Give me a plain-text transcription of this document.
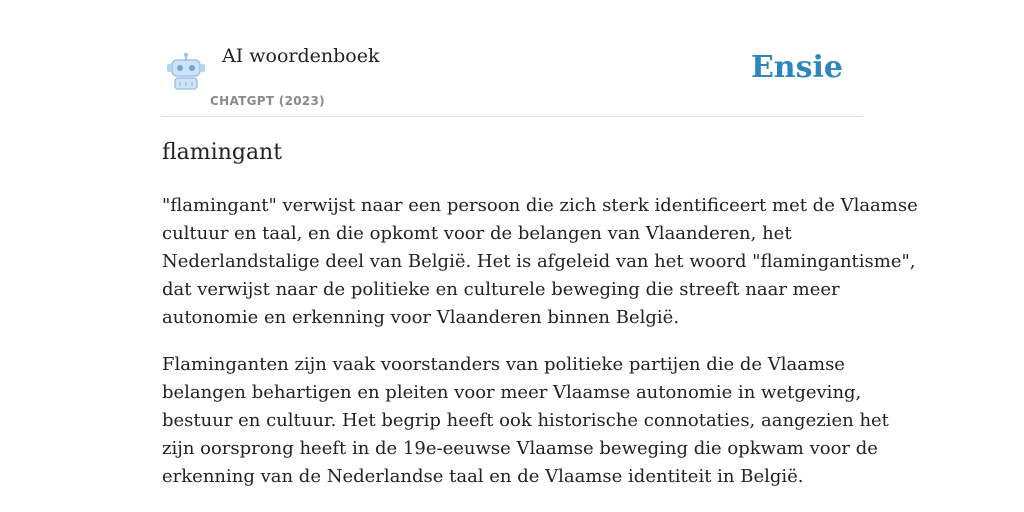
AI woordenboek
CHATGPT (2023)
Ensie
flamingant

"flamingant" verwijst naar een persoon die zich sterk identificeert met de Vlaamse
cultuur en taal, en die opkomt voor de belangen van Vlaanderen, het
Nederlandstalige deel van België. Het is afgeleid van het woord "flamingantisme",
dat verwijst naar de politieke en culturele beweging die streeft naar meer
autonomie en erkenning voor Vlaanderen binnen België.

Flaminganten zijn vaak voorstanders van politieke partijen die de Vlaamse
belangen behartigen en pleiten voor meer Vlaamse autonomie in wetgeving,
bestuur en cultuur. Het begrip heeft ook historische connotaties, aangezien het
zijn oorsprong heeft in de 19e-eeuwse Vlaamse beweging die opkwam voor de
erkenning van de Nederlandse taal en de Vlaamse identiteit in België.
